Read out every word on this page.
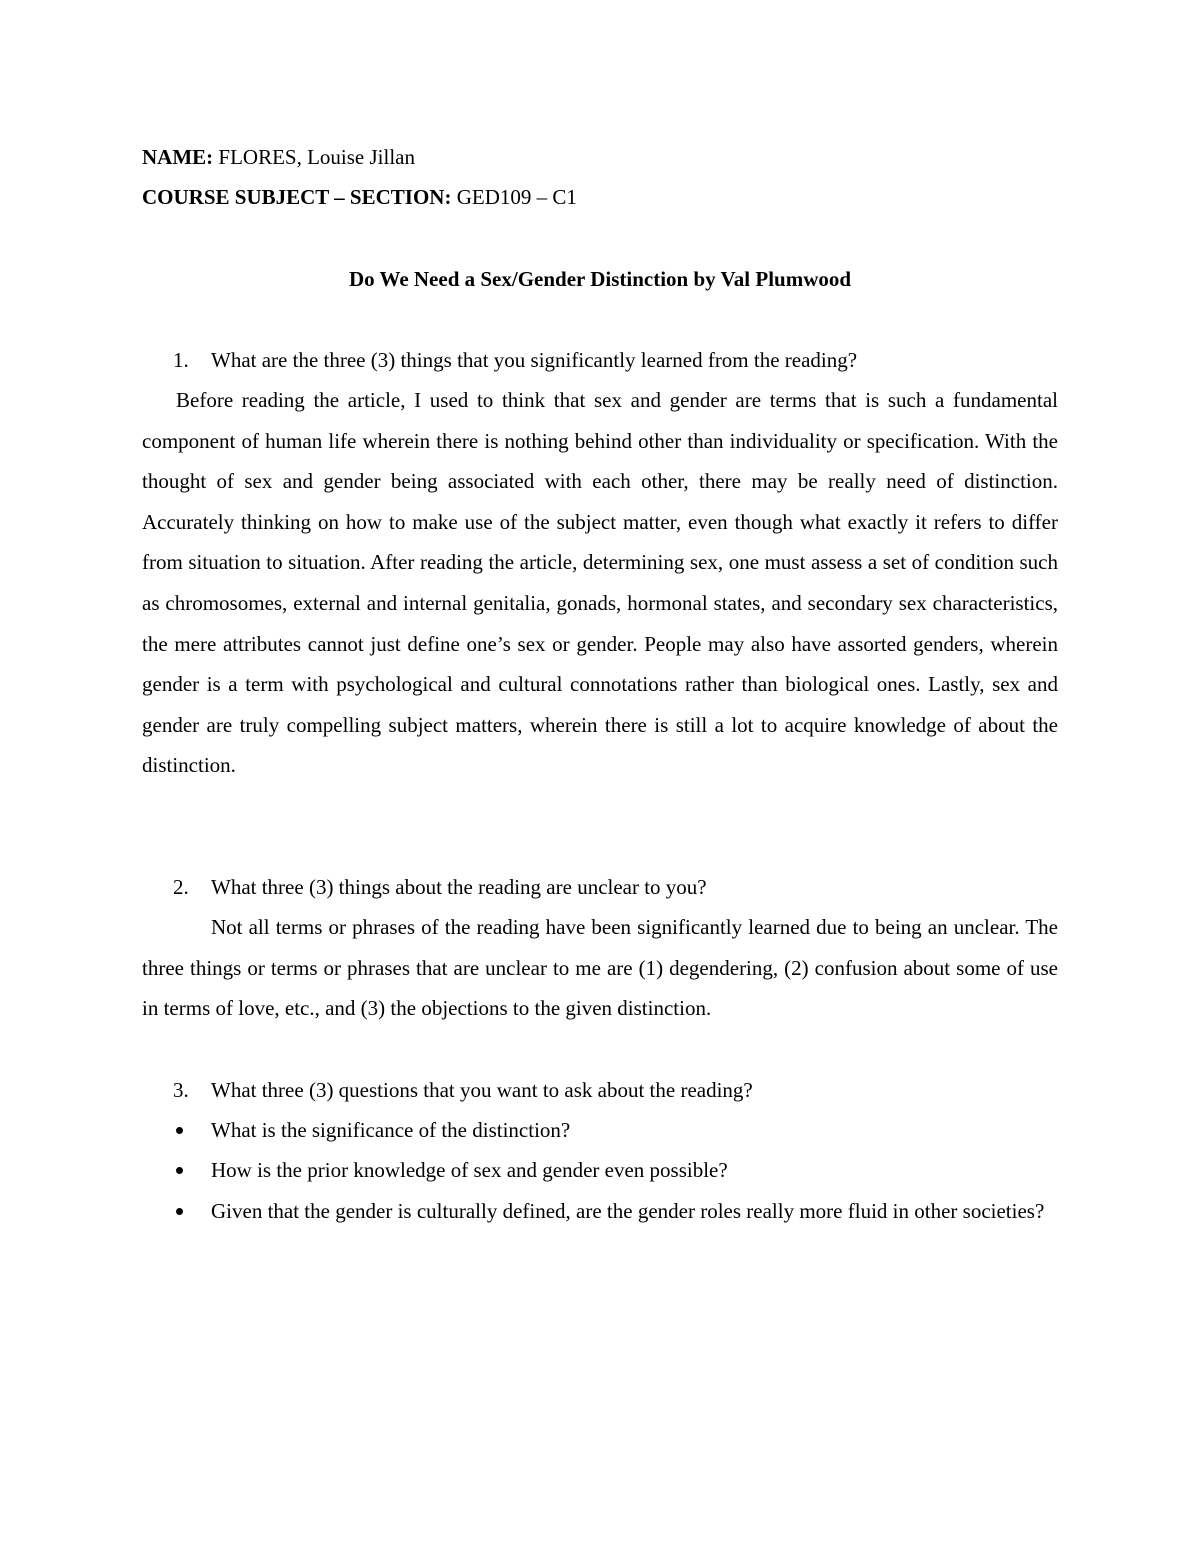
NAME: FLORES, Louise Jillan
COURSE SUBJECT – SECTION: GED109 – C1
Do We Need a Sex/Gender Distinction by Val Plumwood
1. What are the three (3) things that you significantly learned from the reading?
Before reading the article, I used to think that sex and gender are terms that is such a fundamental component of human life wherein there is nothing behind other than individuality or specification. With the thought of sex and gender being associated with each other, there may be really need of distinction. Accurately thinking on how to make use of the subject matter, even though what exactly it refers to differ from situation to situation. After reading the article, determining sex, one must assess a set of condition such as chromosomes, external and internal genitalia, gonads, hormonal states, and secondary sex characteristics, the mere attributes cannot just define one’s sex or gender. People may also have assorted genders, wherein gender is a term with psychological and cultural connotations rather than biological ones. Lastly, sex and gender are truly compelling subject matters, wherein there is still a lot to acquire knowledge of about the distinction.
2. What three (3) things about the reading are unclear to you?
Not all terms or phrases of the reading have been significantly learned due to being an unclear. The three things or terms or phrases that are unclear to me are (1) degendering, (2) confusion about some of use in terms of love, etc., and (3) the objections to the given distinction.
3. What three (3) questions that you want to ask about the reading?
What is the significance of the distinction?
How is the prior knowledge of sex and gender even possible?
Given that the gender is culturally defined, are the gender roles really more fluid in other societies?
